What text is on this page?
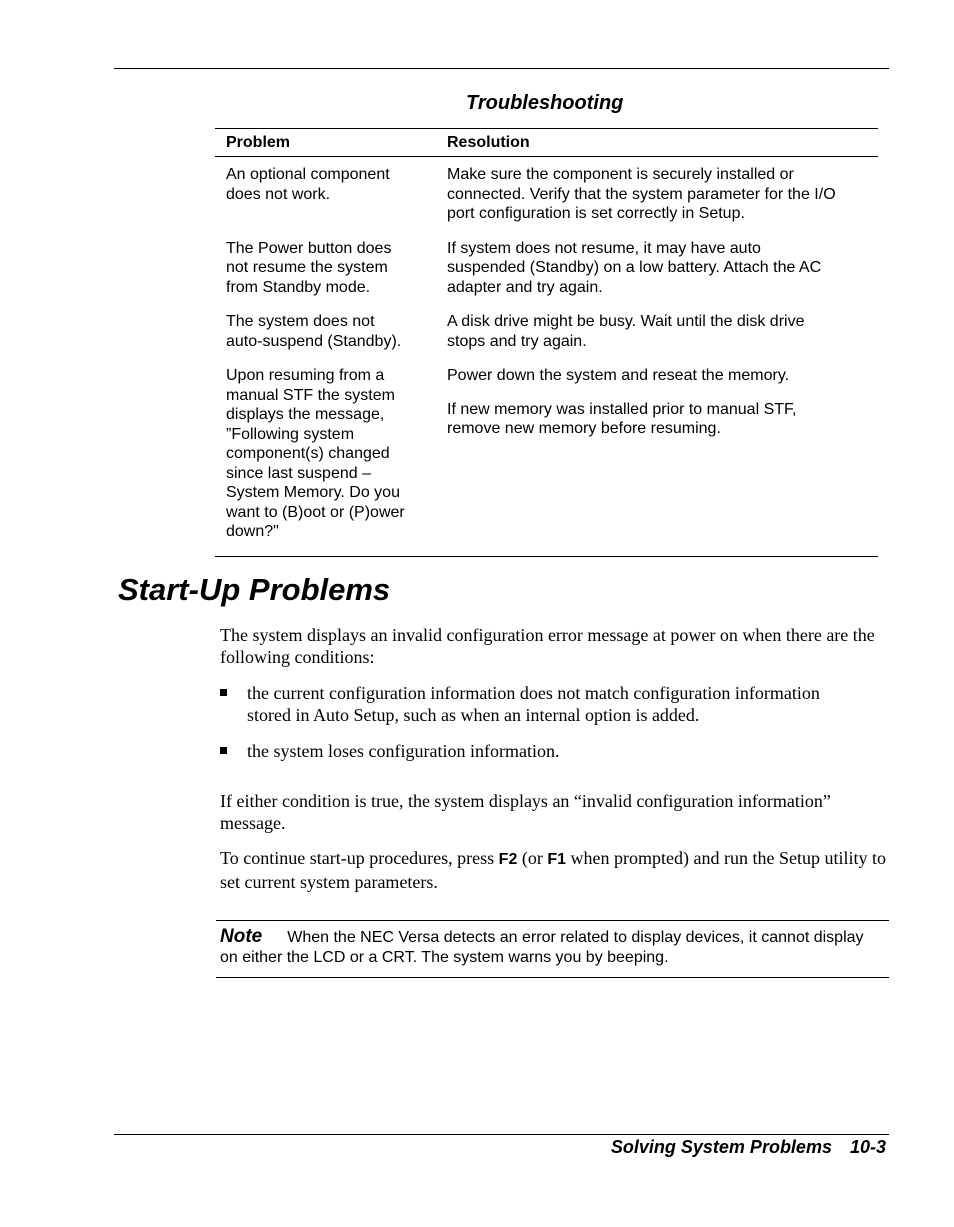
Troubleshooting
Problem	Resolution
An optional component
does not work.
Make sure the component is securely installed or
connected. Verify that the system parameter for the I/O
port configuration is set correctly in Setup.
The Power button does
not resume the system
from Standby mode.
If system does not resume, it may have auto
suspended (Standby) on a low battery. Attach the AC
adapter and try again.
The system does not
auto-suspend (Standby).
A disk drive might be busy. Wait until the disk drive
stops and try again.
Upon resuming from a
manual STF the system
displays the message,
”Following system
component(s) changed
since last suspend –
System Memory. Do you
want to (B)oot or (P)ower
down?"
Power down the system and reseat the memory.
If new memory was installed prior to manual STF,
remove new memory before resuming.
Start-Up Problems
The system displays an invalid configuration error message at power on when there are the following conditions:
the current configuration information does not match configuration information stored in Auto Setup, such as when an internal option is added.
the system loses configuration information.
If either condition is true, the system displays an “invalid configuration information” message.
To continue start-up procedures, press F2 (or F1 when prompted) and run the Setup utility to set current system parameters.
Note When the NEC Versa detects an error related to display devices, it cannot display on either the LCD or a CRT. The system warns you by beeping.
Solving System Problems 10-3
